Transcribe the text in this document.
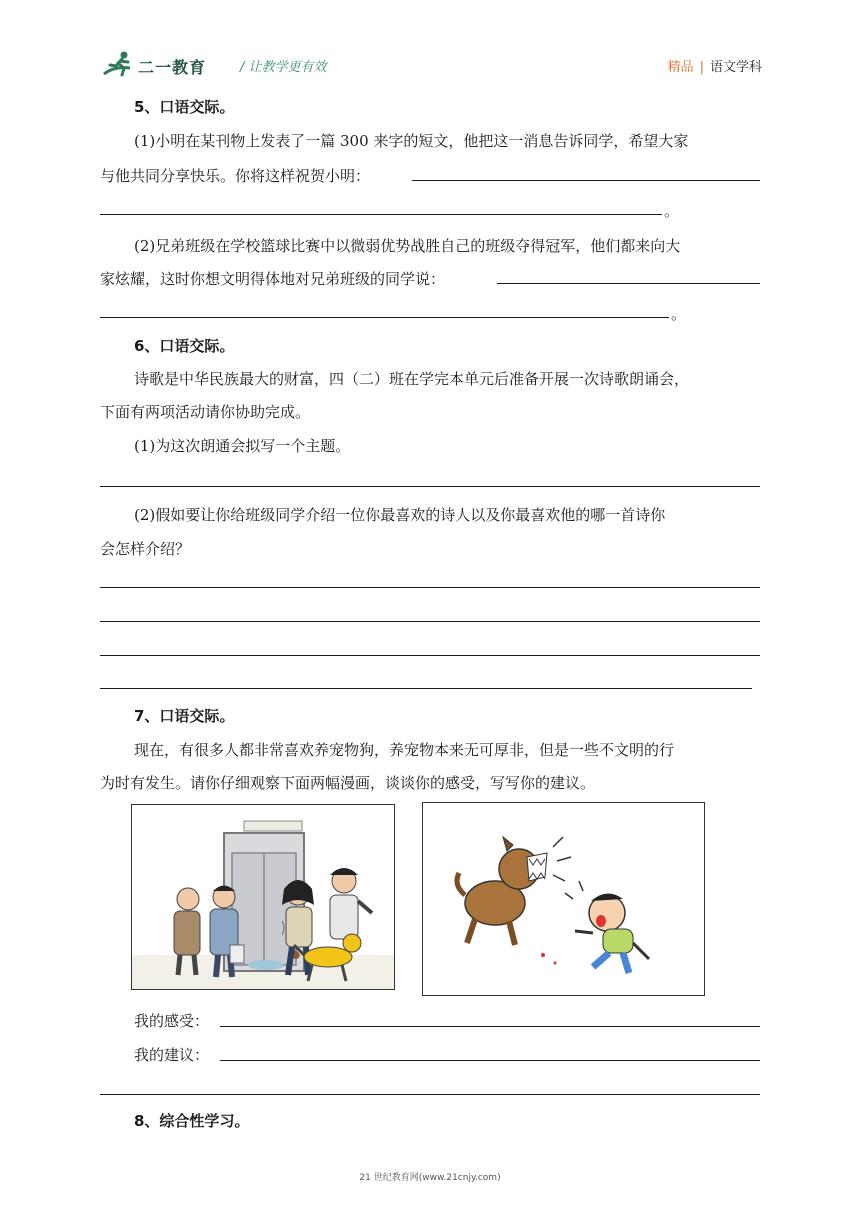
二一教育	/ 让教学更有效	精品 | 语文学科
5、口语交际。
(1)小明在某刊物上发表了一篇 300 来字的短文，他把这一消息告诉同学，希望大家
与他共同分享快乐。你将这样祝贺小明：
。
(2)兄弟班级在学校篮球比赛中以微弱优势战胜自己的班级夺得冠军，他们都来向大
家炫耀，这时你想文明得体地对兄弟班级的同学说：
。
6、口语交际。
诗歌是中华民族最大的财富，四（二）班在学完本单元后准备开展一次诗歌朗诵会，
下面有两项活动请你协助完成。
(1)为这次朗通会拟写一个主题。
(2)假如要让你给班级同学介绍一位你最喜欢的诗人以及你最喜欢他的哪一首诗你
会怎样介绍？
7、口语交际。
现在，有很多人都非常喜欢养宠物狗，养宠物本来无可厚非，但是一些不文明的行
为时有发生。请你仔细观察下面两幅漫画，谈谈你的感受，写写你的建议。
我的感受：
我的建议：
8、综合性学习。
21 世纪教育网(www.21cnjy.com)
